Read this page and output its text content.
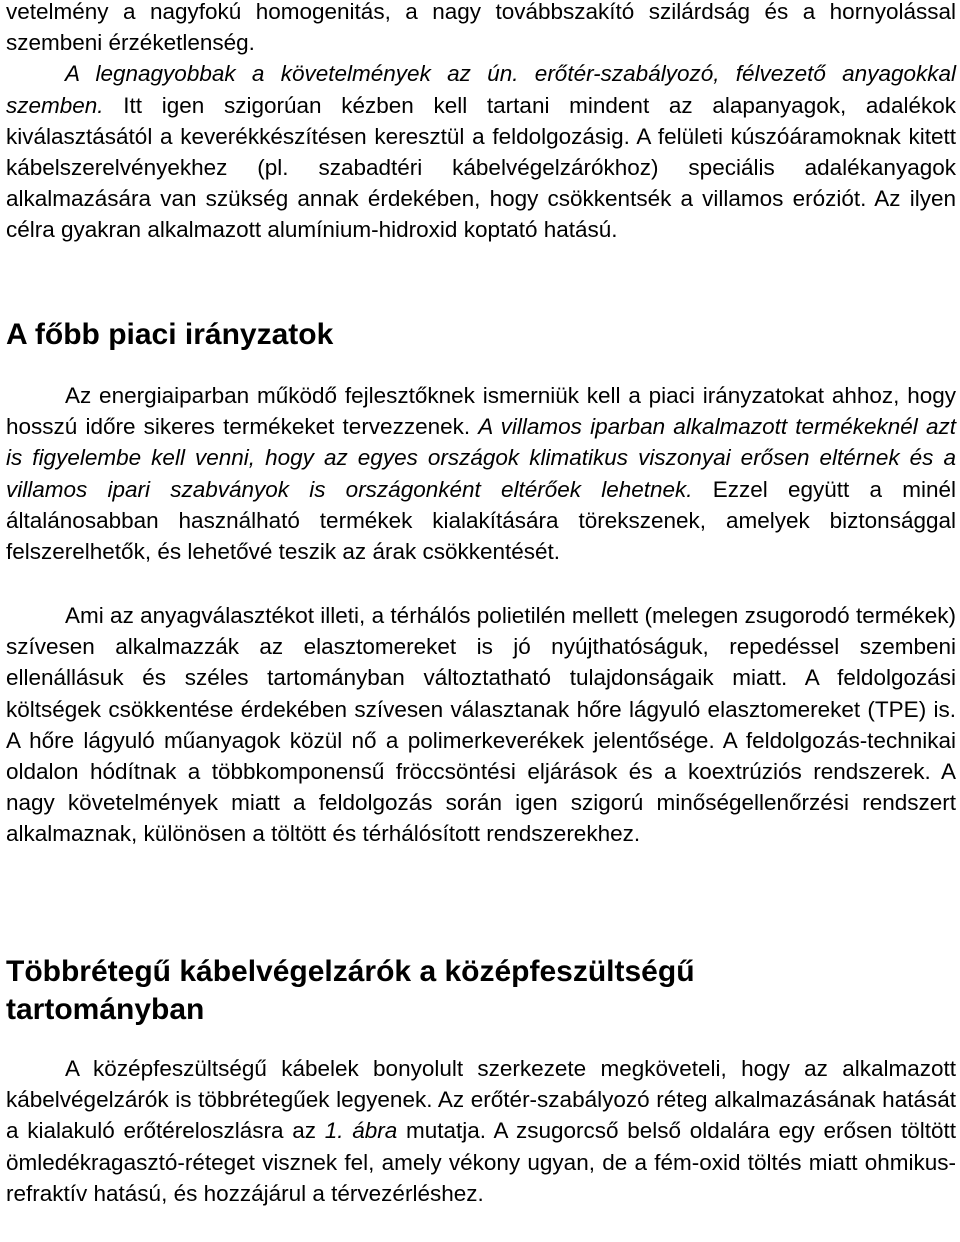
vetelmény a nagyfokú homogenitás, a nagy továbbszakító szilárdság és a hornyolással szembeni érzéketlenség.
A legnagyobbak a követelmények az ún. erőtér-szabályozó, félvezető anyagokkal szemben. Itt igen szigorúan kézben kell tartani mindent az alapanyagok, adalékok kiválasztásától a keverékkészítésen keresztül a feldolgozásig. A felületi kúszóáramoknak kitett kábelszerelvényekhez (pl. szabadtéri kábelvégelzárókhoz) speciális adalékanyagok alkalmazására van szükség annak érdekében, hogy csökkentsék a villamos eróziót. Az ilyen célra gyakran alkalmazott alumínium-hidroxid koptató hatású.

A főbb piaci irányzatok

Az energiaiparban működő fejlesztőknek ismerniük kell a piaci irányzatokat ahhoz, hogy hosszú időre sikeres termékeket tervezzenek. A villamos iparban alkalmazott termékeknél azt is figyelembe kell venni, hogy az egyes országok klimatikus viszonyai erősen eltérnek és a villamos ipari szabványok is országonként eltérőek lehetnek. Ezzel együtt a minél általánosabban használható termékek kialakítására törekszenek, amelyek biztonsággal felszerelhetők, és lehetővé teszik az árak csökkentését.

Ami az anyagválasztékot illeti, a térhálós polietilén mellett (melegen zsugorodó termékek) szívesen alkalmazzák az elasztomereket is jó nyújthatóságuk, repedéssel szembeni ellenállásuk és széles tartományban változtatható tulajdonságaik miatt. A feldolgozási költségek csökkentése érdekében szívesen választanak hőre lágyuló elasztomereket (TPE) is. A hőre lágyuló műanyagok közül nő a polimerkeverékek jelentősége. A feldolgozás-technikai oldalon hódítnak a többkomponensű fröccsöntési eljárások és a koextrúziós rendszerek. A nagy követelmények miatt a feldolgozás során igen szigorú minőségellenőrzési rendszert alkalmaznak, különösen a töltött és térhálósított rendszerekhez.

Többrétegű kábelvégelzárók a középfeszültségű tartományban

A középfeszültségű kábelek bonyolult szerkezete megköveteli, hogy az alkalmazott kábelvégelzárók is többrétegűek legyenek. Az erőtér-szabályozó réteg alkalmazásának hatását a kialakuló erőtéreloszlásra az 1. ábra mutatja. A zsugorcső belső oldalára egy erősen töltött ömledékragasztó-réteget visznek fel, amely vékony ugyan, de a fém-oxid töltés miatt ohmikus-refraktív hatású, és hozzájárul a térvezérléshez.
